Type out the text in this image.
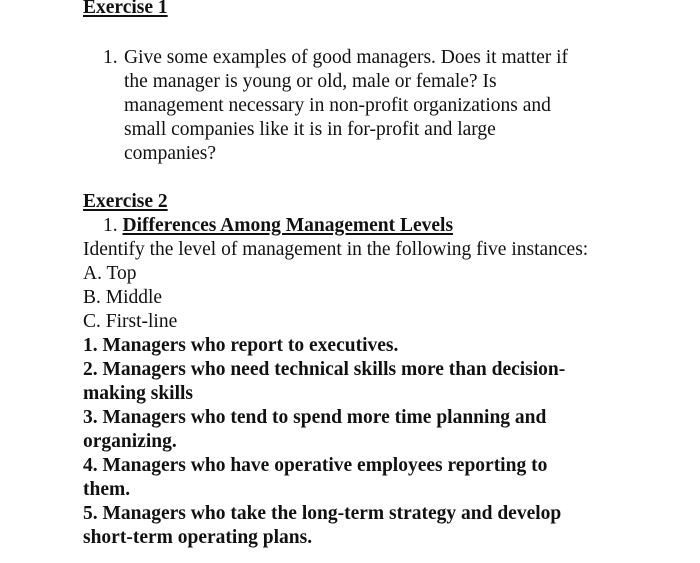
Exercise 1
1. Give some examples of good managers. Does it matter if
the manager is young or old, male or female? Is
management necessary in non-profit organizations and
small companies like it is in for-profit and large
companies?
Exercise 2
1. Differences Among Management Levels
Identify the level of management in the following five instances:
A. Top
B. Middle
C. First-line
1. Managers who report to executives.
2. Managers who need technical skills more than decision-
making skills
3. Managers who tend to spend more time planning and
organizing.
4. Managers who have operative employees reporting to
them.
5. Managers who take the long-term strategy and develop
short-term operating plans.
